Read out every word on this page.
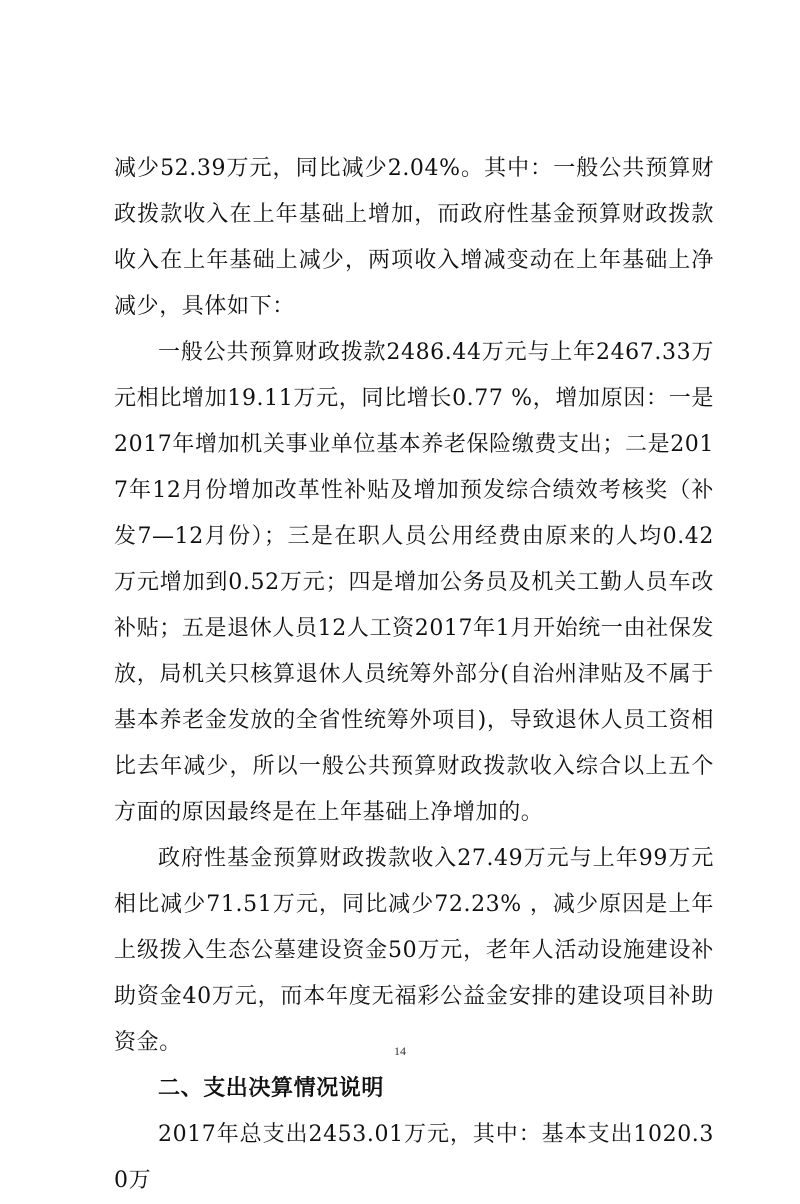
减少52.39万元，同比减少2.04%。其中：一般公共预算财政拨款收入在上年基础上增加，而政府性基金预算财政拨款收入在上年基础上减少，两项收入增减变动在上年基础上净减少，具体如下：

一般公共预算财政拨款2486.44万元与上年2467.33万元相比增加19.11万元，同比增长0.77 %，增加原因：一是2017年增加机关事业单位基本养老保险缴费支出；二是2017年12月份增加改革性补贴及增加预发综合绩效考核奖（补发7—12月份）；三是在职人员公用经费由原来的人均0.42万元增加到0.52万元；四是增加公务员及机关工勤人员车改补贴；五是退休人员12人工资2017年1月开始统一由社保发放，局机关只核算退休人员统筹外部分(自治州津贴及不属于基本养老金发放的全省性统筹外项目)，导致退休人员工资相比去年减少，所以一般公共预算财政拨款收入综合以上五个方面的原因最终是在上年基础上净增加的。

政府性基金预算财政拨款收入27.49万元与上年99万元相比减少71.51万元，同比减少72.23% ，减少原因是上年上级拨入生态公墓建设资金50万元，老年人活动设施建设补助资金40万元，而本年度无福彩公益金安排的建设项目补助资金。

二、支出决算情况说明

2017年总支出2453.01万元，其中：基本支出1020.30万

14
